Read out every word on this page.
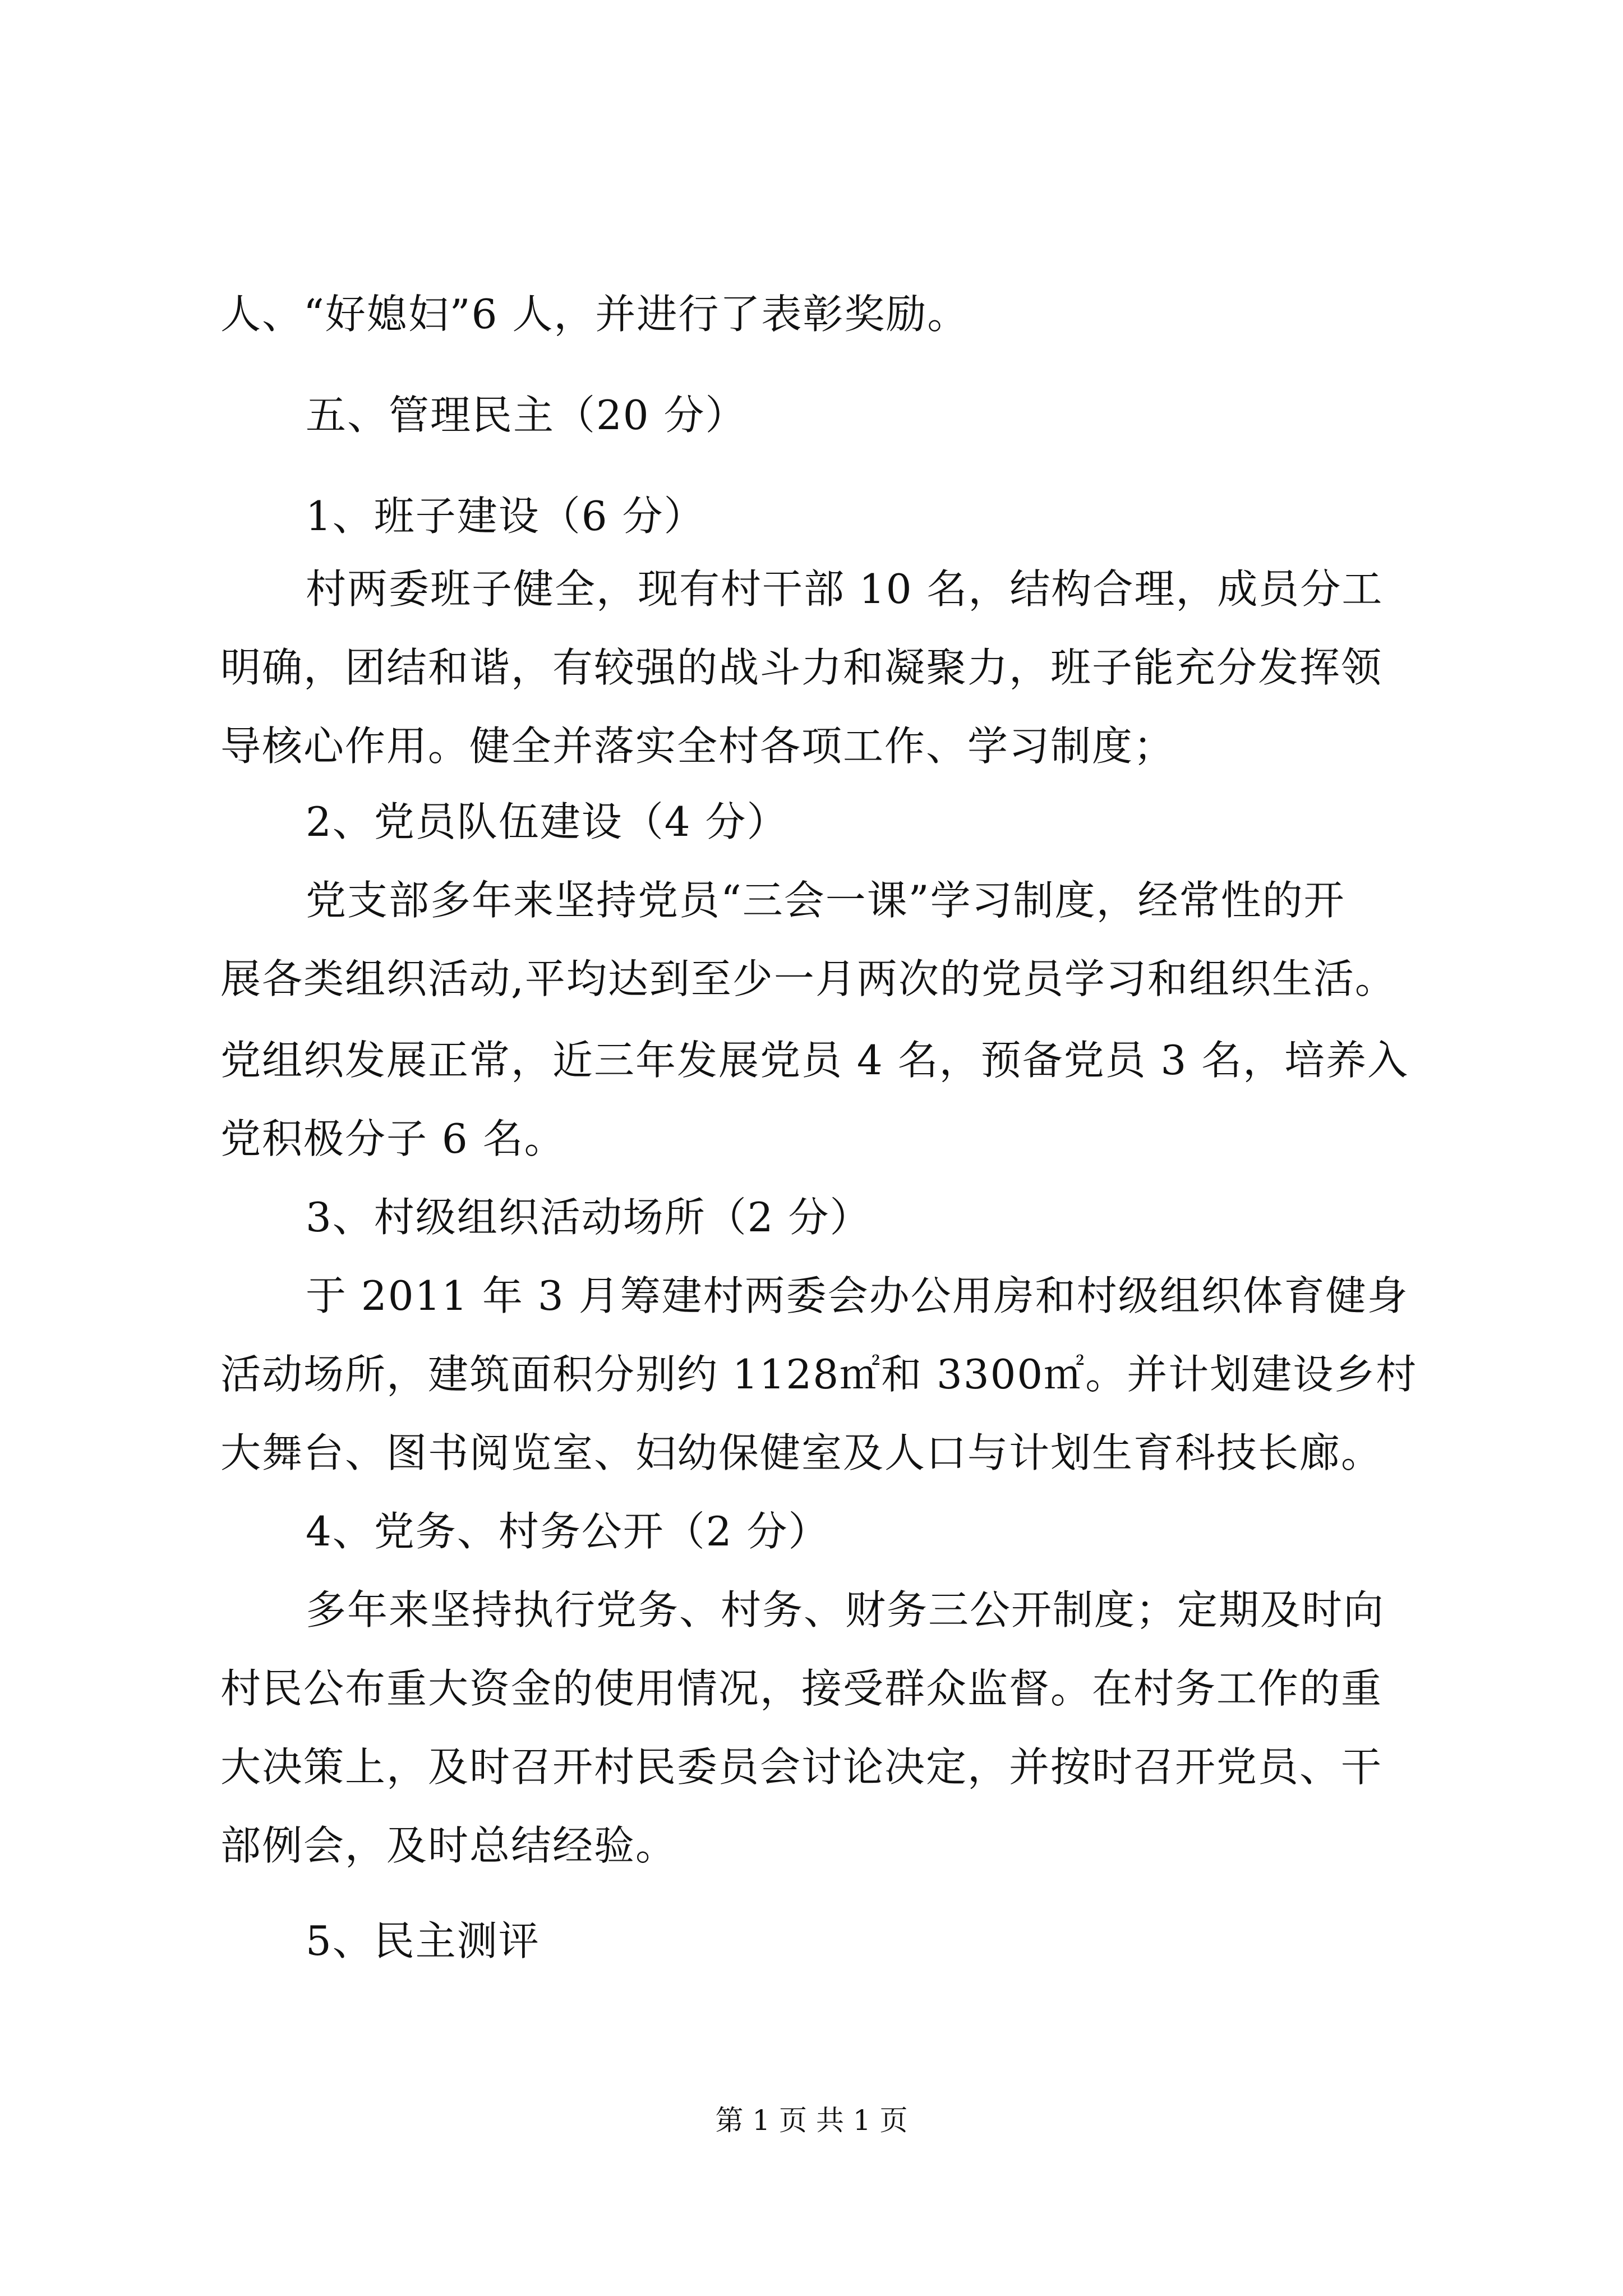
人、“好媳妇”6 人，并进行了表彰奖励。
五、管理民主（20 分）
1、班子建设（6 分）
村两委班子健全，现有村干部 10 名，结构合理，成员分工
明确，团结和谐，有较强的战斗力和凝聚力，班子能充分发挥领
导核心作用。健全并落实全村各项工作、学习制度；
2、党员队伍建设（4 分）
党支部多年来坚持党员“三会一课”学习制度，经常性的开
展各类组织活动,平均达到至少一月两次的党员学习和组织生活。
党组织发展正常，近三年发展党员 4 名，预备党员 3 名，培养入
党积极分子 6 名。
3、村级组织活动场所（2 分）
于 2011 年 3 月筹建村两委会办公用房和村级组织体育健身
活动场所，建筑面积分别约 1128㎡和 3300㎡。并计划建设乡村
大舞台、图书阅览室、妇幼保健室及人口与计划生育科技长廊。
4、党务、村务公开（2 分）
多年来坚持执行党务、村务、财务三公开制度；定期及时向
村民公布重大资金的使用情况，接受群众监督。在村务工作的重
大决策上，及时召开村民委员会讨论决定，并按时召开党员、干
部例会，及时总结经验。
5、民主测评
第 1 页 共 1 页
